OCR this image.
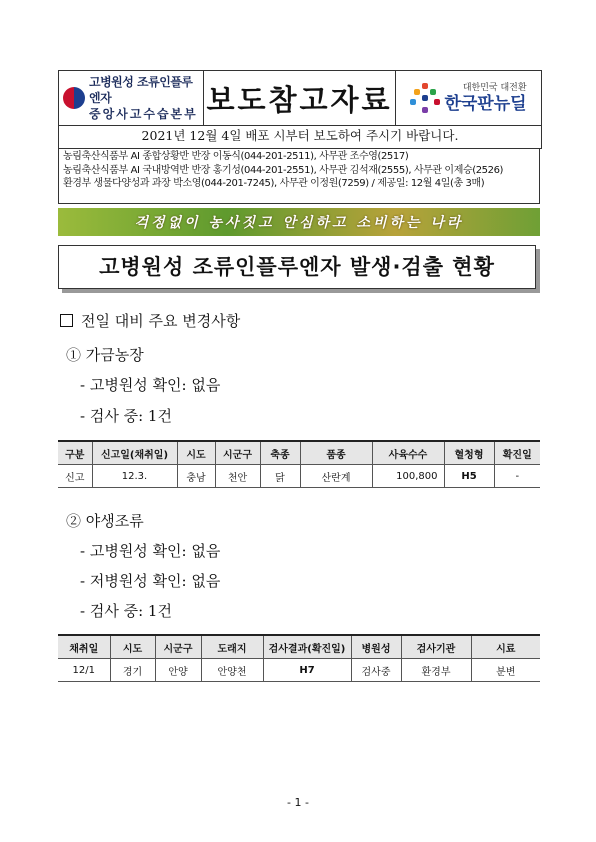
고병원성 조류인플루엔자
중앙사고수습본부 보도참고자료	대한민국 대전환
한국판뉴딜
2021년 12월 4일 배포 시부터 보도하여 주시기 바랍니다.
농림축산식품부 AI 종합상황반 반장 이동식(044-201-2511), 사무관 조수영(2517)
농림축산식품부 AI 국내방역반 반장 홍기성(044-201-2551), 사무관 김석재(2555), 사무관 이제승(2526)
환경부 생물다양성과 과장 박소영(044-201-7245), 사무관 이정원(7259) / 제공일: 12월 4일(총 3매)
걱정없이 농사짓고 안심하고 소비하는 나라
고병원성 조류인플루엔자 발생·검출 현황
전일 대비 주요 변경사항
① 가금농장
- 고병원성 확인: 없음
- 검사 중: 1건
구분	신고일(채취일)	시도	시군구	축종	품종	사육수수	혈청형	확진일
신고	12.3.	충남	천안	닭	산란계	100,800	H5	-
② 야생조류
- 고병원성 확인: 없음
- 저병원성 확인: 없음
- 검사 중: 1건
채취일	시도	시군구	도래지	검사결과(확진일)	병원성	검사기관	시료
12/1	경기	안양	안양천	H7	검사중	환경부	분변
- 1 -
